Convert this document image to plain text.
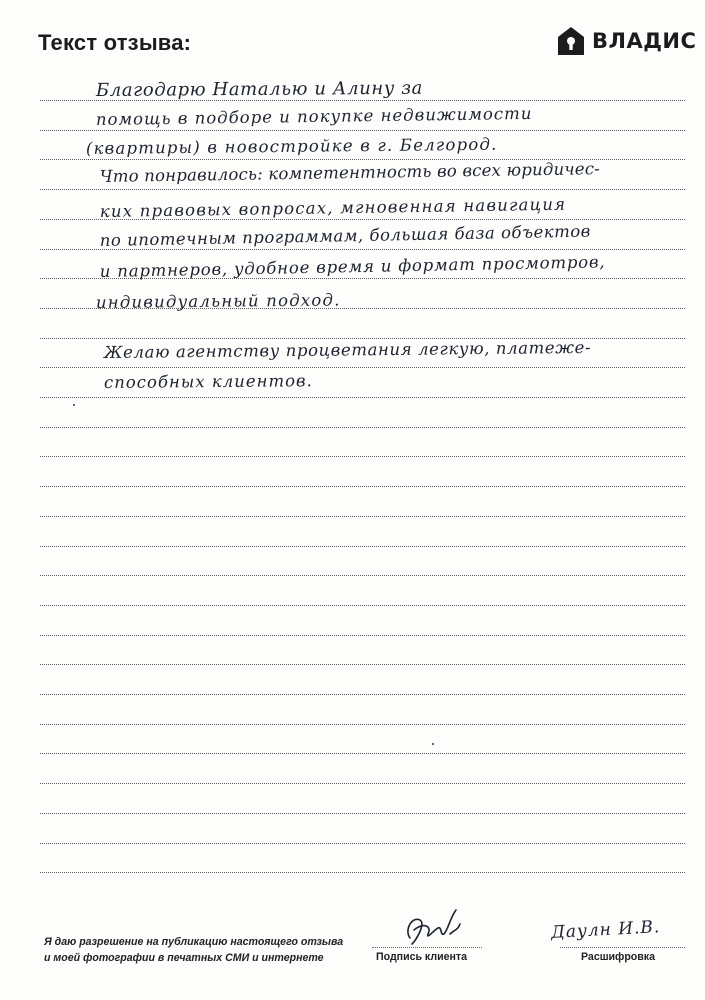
Текст отзыва:	ВЛАДИС
Благодарю Наталью и Алину за
помощь в подборе и покупке недвижимости
(квартиры) в новостройке в г. Белгород.
Что понравилось: компетентность во всех юридичес-
ких правовых вопросах, мгновенная навигация
по ипотечным программам, большая база объектов
и партнеров, удобное время и формат просмотров,
индивидуальный подход.
Желаю агентству процветания легкую, платеже-
способных клиентов.
Я даю разрешение на публикацию настоящего отзыва
и моей фотографии в печатных СМИ и интернете	Подпись клиента
Даулн И.В.
Расшифровка
